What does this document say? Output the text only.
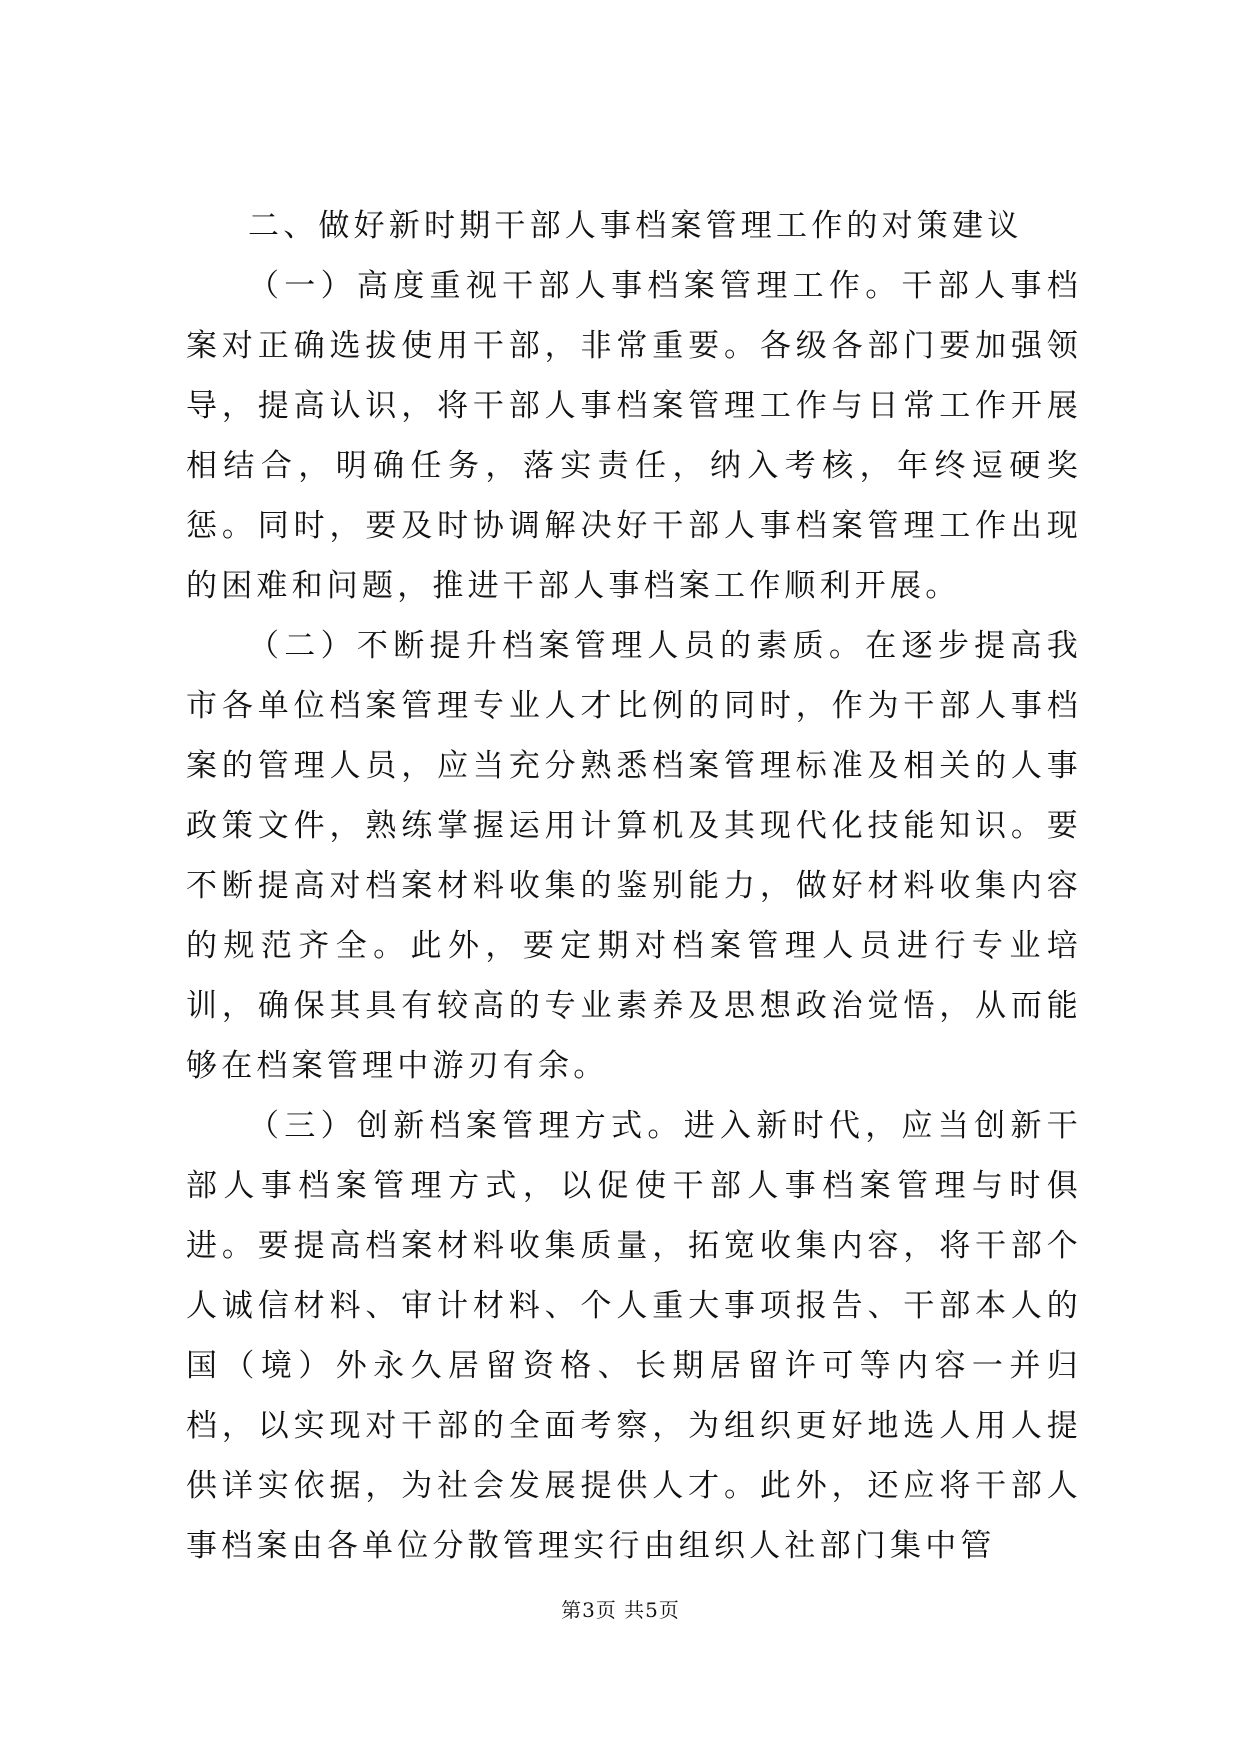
二、做好新时期干部人事档案管理工作的对策建议

（一）高度重视干部人事档案管理工作。干部人事档案对正确选拔使用干部，非常重要。各级各部门要加强领导，提高认识，将干部人事档案管理工作与日常工作开展相结合，明确任务，落实责任，纳入考核，年终逗硬奖惩。同时，要及时协调解决好干部人事档案管理工作出现的困难和问题，推进干部人事档案工作顺利开展。

（二）不断提升档案管理人员的素质。在逐步提高我市各单位档案管理专业人才比例的同时，作为干部人事档案的管理人员，应当充分熟悉档案管理标准及相关的人事政策文件，熟练掌握运用计算机及其现代化技能知识。要不断提高对档案材料收集的鉴别能力，做好材料收集内容的规范齐全。此外，要定期对档案管理人员进行专业培训，确保其具有较高的专业素养及思想政治觉悟，从而能够在档案管理中游刃有余。

（三）创新档案管理方式。进入新时代，应当创新干部人事档案管理方式，以促使干部人事档案管理与时俱进。要提高档案材料收集质量，拓宽收集内容，将干部个人诚信材料、审计材料、个人重大事项报告、干部本人的国（境）外永久居留资格、长期居留许可等内容一并归档，以实现对干部的全面考察，为组织更好地选人用人提供详实依据，为社会发展提供人才。此外，还应将干部人事档案由各单位分散管理实行由组织人社部门集中管

第3页 共5页
